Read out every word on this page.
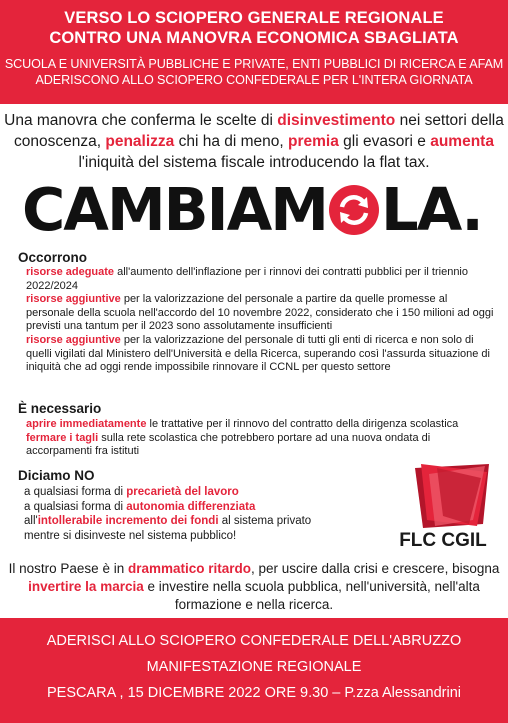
VERSO LO SCIOPERO GENERALE REGIONALE
CONTRO UNA MANOVRA ECONOMICA SBAGLIATA
SCUOLA E UNIVERSITÀ PUBBLICHE E PRIVATE, ENTI PUBBLICI DI RICERCA E AFAM
ADERISCONO ALLO SCIOPERO CONFEDERALE PER L'INTERA GIORNATA
Una manovra che conferma le scelte di disinvestimento nei settori della conoscenza, penalizza chi ha di meno, premia gli evasori e aumenta l'iniquità del sistema fiscale introducendo la flat tax.
CAMBIAM LA.
Occorrono

risorse adeguate all'aumento dell'inflazione per i rinnovi dei contratti pubblici per il triennio 2022/2024

risorse aggiuntive per la valorizzazione del personale a partire da quelle promesse al personale della scuola nell'accordo del 10 novembre 2022, considerato che i 150 milioni ad oggi previsti una tantum per il 2023 sono assolutamente insufficienti

risorse aggiuntive per la valorizzazione del personale di tutti gli enti di ricerca e non solo di quelli vigilati dal Ministero dell'Università e della Ricerca, superando così l'assurda situazione di iniquità che ad oggi rende impossibile rinnovare il CCNL per questo settore

È necessario

aprire immediatamente le trattative per il rinnovo del contratto della dirigenza scolastica

fermare i tagli sulla rete scolastica che potrebbero portare ad una nuova ondata di accorpamenti fra istituti

Diciamo NO
a qualsiasi forma di precarietà del lavoro
a qualsiasi forma di autonomia differenziata
all'intollerabile incremento dei fondi al sistema privato
mentre si disinveste nel sistema pubblico!	FLC CGIL
Il nostro Paese è in drammatico ritardo, per uscire dalla crisi e crescere, bisogna invertire la marcia e investire nella scuola pubblica, nell'università, nell'alta formazione e nella ricerca.
ADERISCI ALLO SCIOPERO CONFEDERALE DELL'ABRUZZO
MANIFESTAZIONE REGIONALE
PESCARA , 15 DICEMBRE 2022 ORE 9.30 – P.zza Alessandrini
